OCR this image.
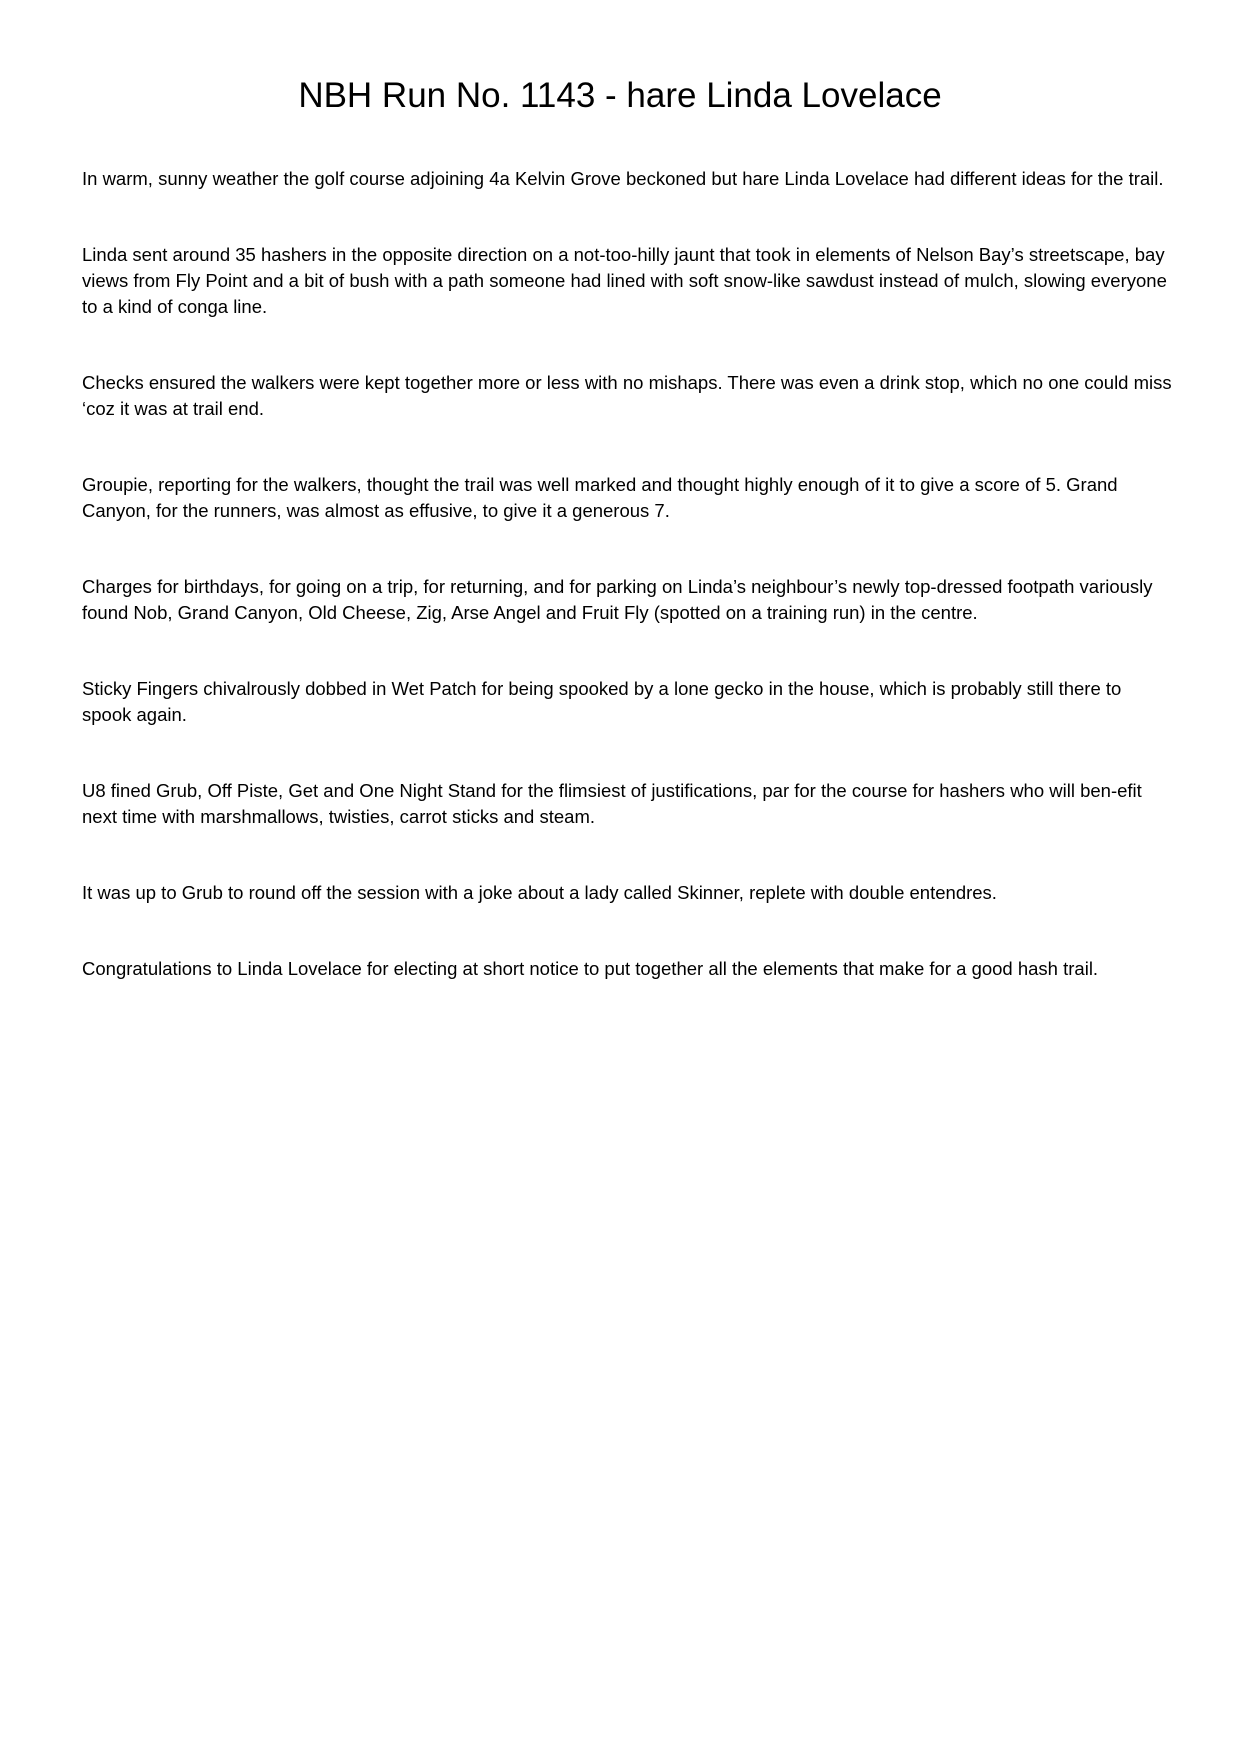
NBH Run No. 1143 - hare Linda Lovelace

In warm, sunny weather the golf course adjoining 4a Kelvin Grove beckoned but hare Linda Lovelace had different ideas for the trail.

Linda sent around 35 hashers in the opposite direction on a not-too-hilly jaunt that took in elements of Nelson Bay’s streetscape, bay views from Fly Point and a bit of bush with a path someone had lined with soft snow-like sawdust instead of mulch, slowing everyone to a kind of conga line.

Checks ensured the walkers were kept together more or less with no mishaps. There was even a drink stop, which no one could miss ‘coz it was at trail end.

Groupie, reporting for the walkers, thought the trail was well marked and thought highly enough of it to give a score of 5. Grand Canyon, for the runners, was almost as effusive, to give it a generous 7.

Charges for birthdays, for going on a trip, for returning, and for parking on Linda’s neighbour’s newly top-dressed footpath variously found Nob, Grand Canyon, Old Cheese, Zig, Arse Angel and Fruit Fly (spotted on a training run) in the centre.

Sticky Fingers chivalrously dobbed in Wet Patch for being spooked by a lone gecko in the house, which is probably still there to spook again.

U8 fined Grub, Off Piste, Get and One Night Stand for the flimsiest of justifications, par for the course for hashers who will ben-efit next time with marshmallows, twisties, carrot sticks and steam.

It was up to Grub to round off the session with a joke about a lady called Skinner, replete with double entendres.

Congratulations to Linda Lovelace for electing at short notice to put together all the elements that make for a good hash trail.
